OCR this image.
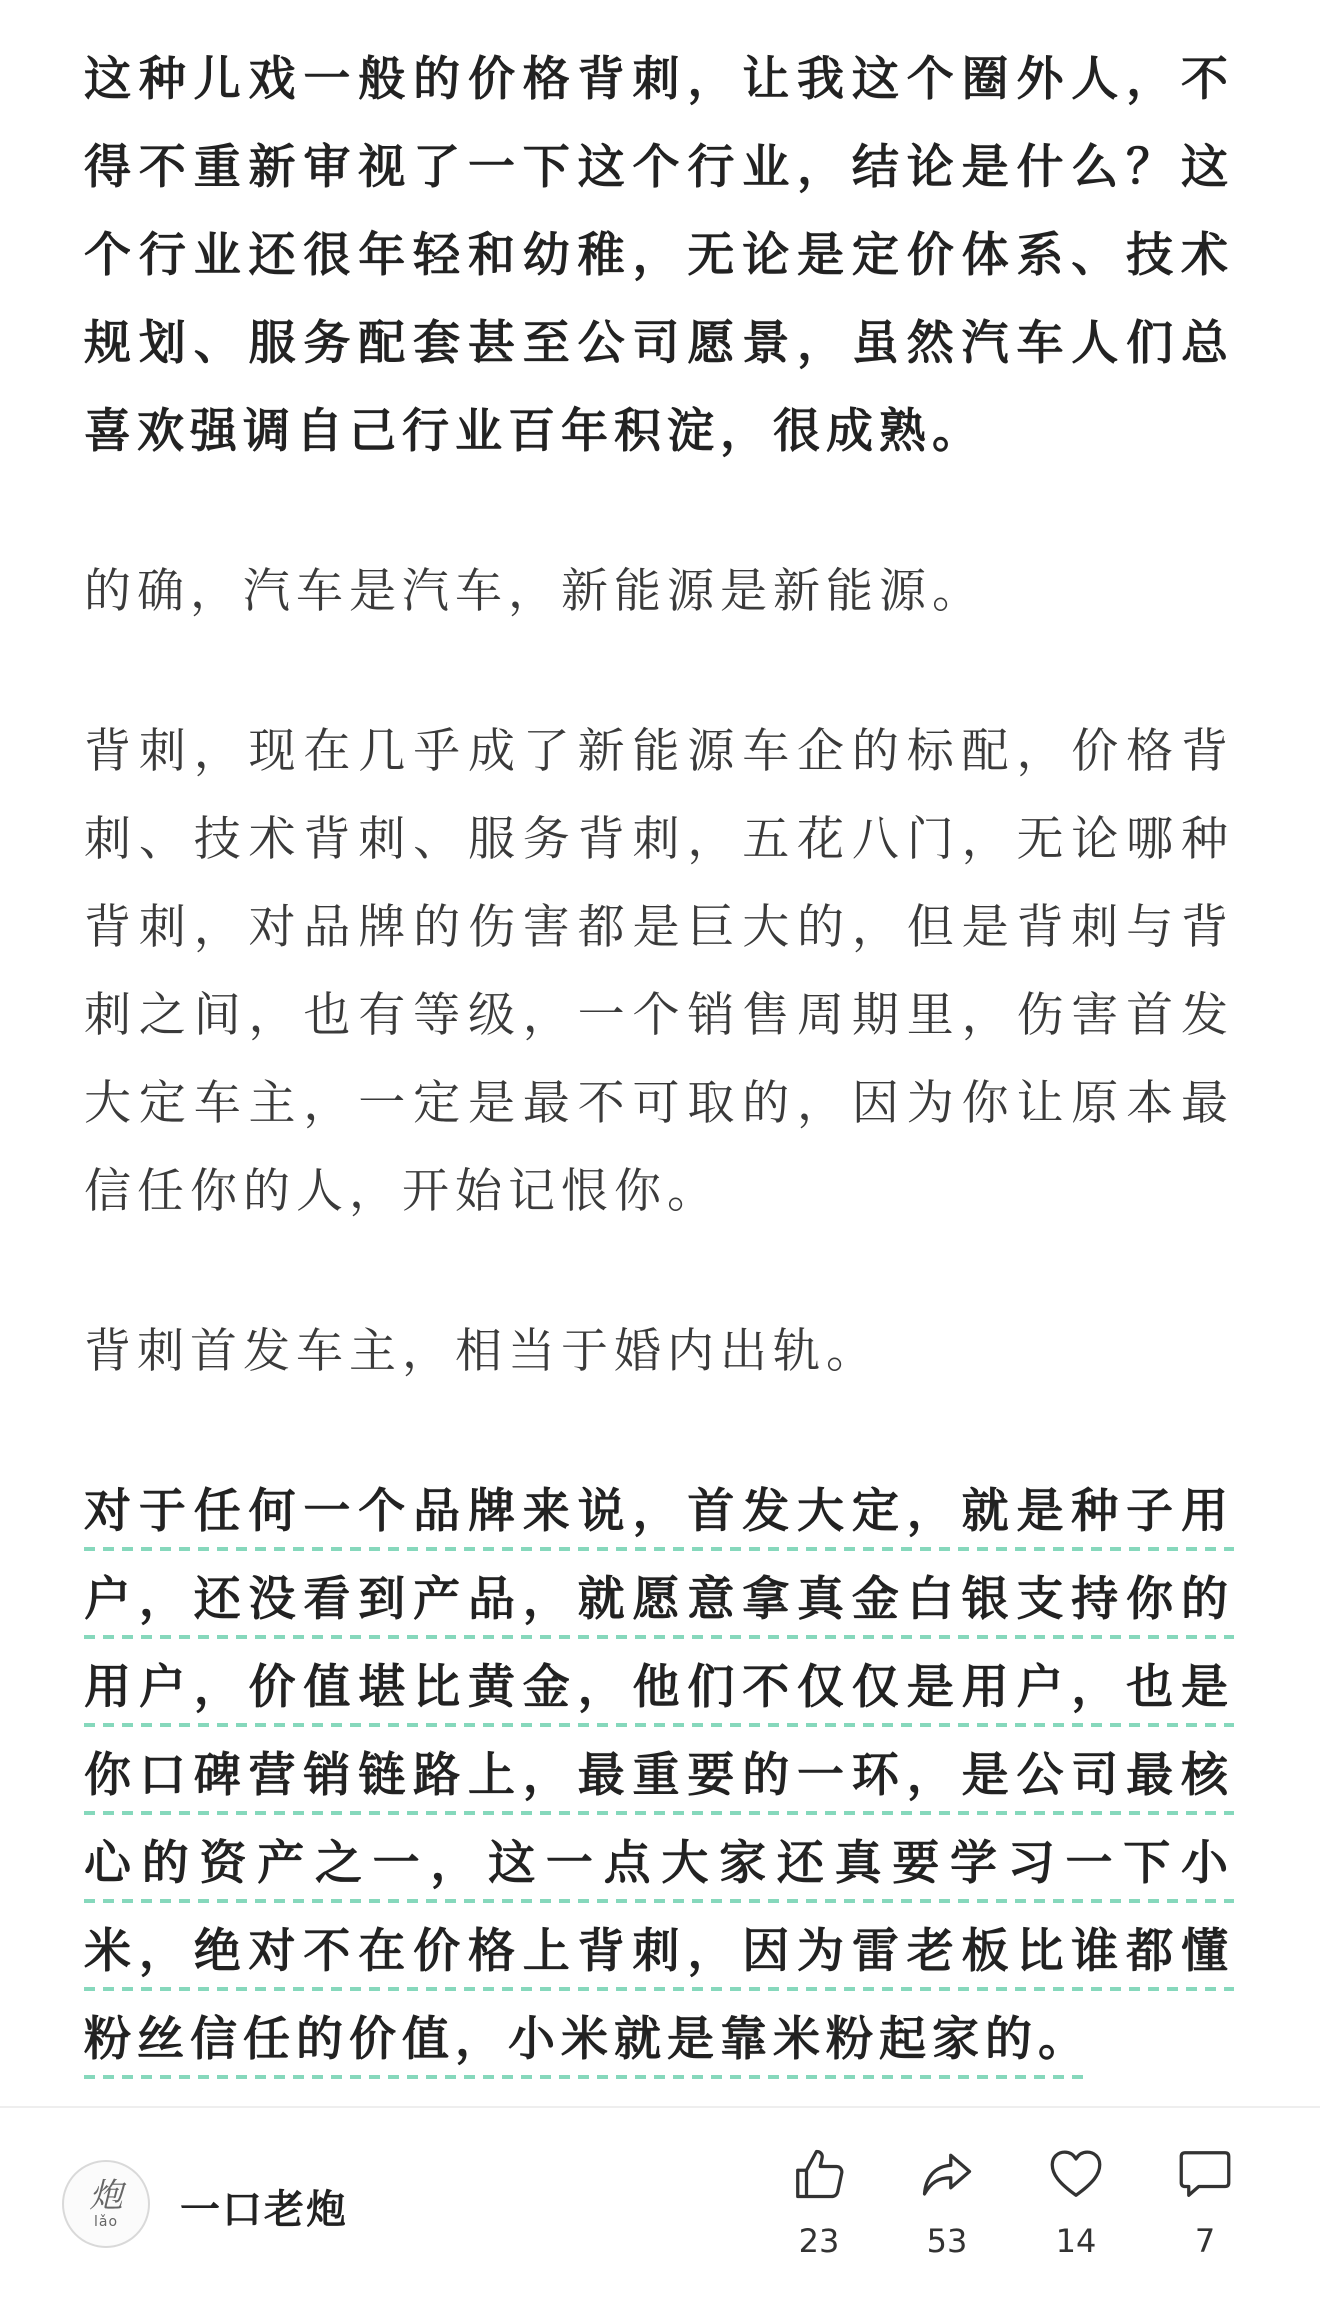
这种儿戏一般的价格背刺，让我这个圈外人，不得不重新审视了一下这个行业，结论是什么？这个行业还很年轻和幼稚，无论是定价体系、技术规划、服务配套甚至公司愿景，虽然汽车人们总喜欢强调自己行业百年积淀，很成熟。

的确，汽车是汽车，新能源是新能源。

背刺，现在几乎成了新能源车企的标配，价格背刺、技术背刺、服务背刺，五花八门，无论哪种背刺，对品牌的伤害都是巨大的，但是背刺与背刺之间，也有等级，一个销售周期里，伤害首发大定车主，一定是最不可取的，因为你让原本最信任你的人，开始记恨你。

背刺首发车主，相当于婚内出轨。

对于任何一个品牌来说，首发大定，就是种子用户，还没看到产品，就愿意拿真金白银支持你的用户，价值堪比黄金，他们不仅仅是用户，也是你口碑营销链路上，最重要的一环，是公司最核心的资产之一，这一点大家还真要学习一下小米，绝对不在价格上背刺，因为雷老板比谁都懂粉丝信任的价值，小米就是靠米粉起家的。

炮
lǎo 一口老炮
23	53	14	7
